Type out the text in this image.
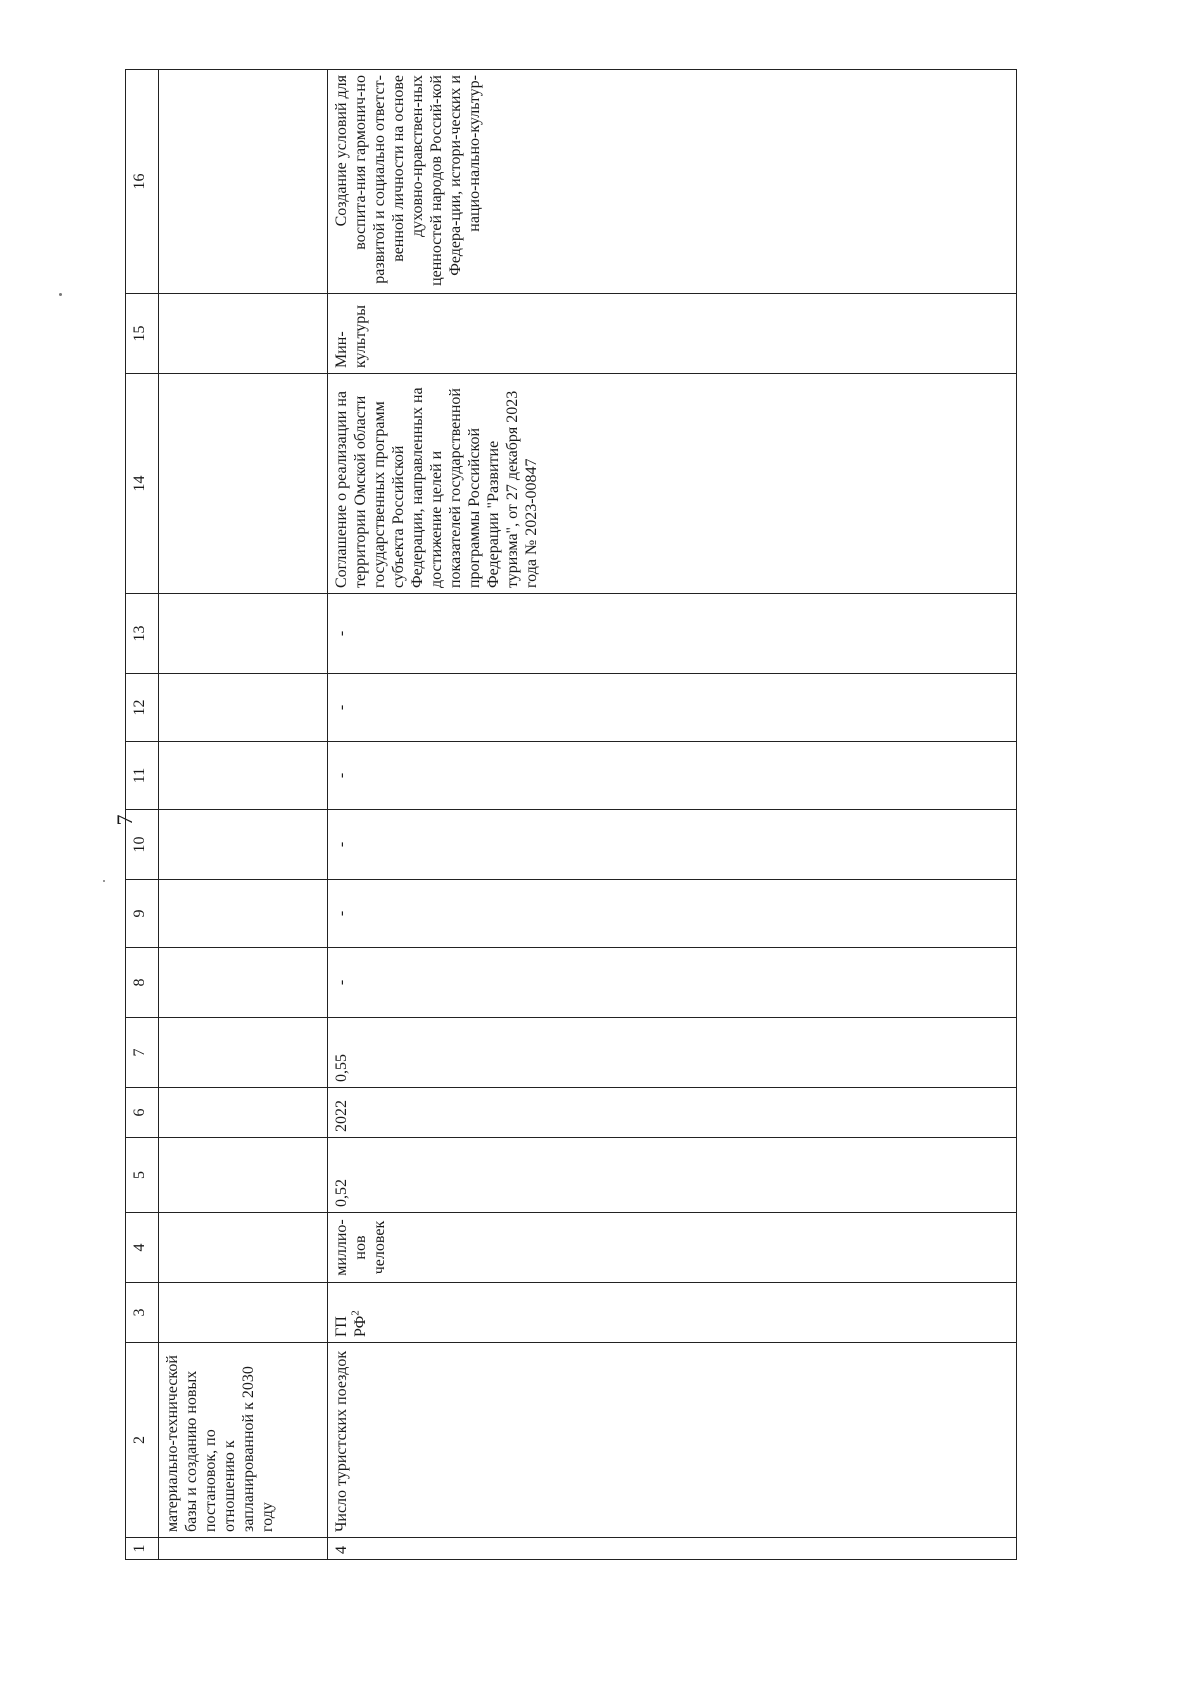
7
1	2	3	4	5	6	7	8	9	10	11	12	13	14	15	16
	материально-технической базы и созданию новых постановок, по отношению к запланированной к 2030 году														
4	Число туристских поездок	ГП $РФ^2$	миллио-нов человек	0,52	2022	0,55	-	-	-	-	-	-	Соглашение о реализации на территории Омской области государственных программ субъекта Российской Федерации, направленных на достижение целей и показателей государственной программы Российской Федерации "Развитие туризма", от 27 декабря 2023 года № 2023-00847	Мин-культуры	Создание условий для воспита-ния гармонич-но развитой и социально ответст-венной личности на основе духовно-нравствен-ных ценностей народов Россий-кой Федера-ции, истори-ческих и нацио-нально-культур-
